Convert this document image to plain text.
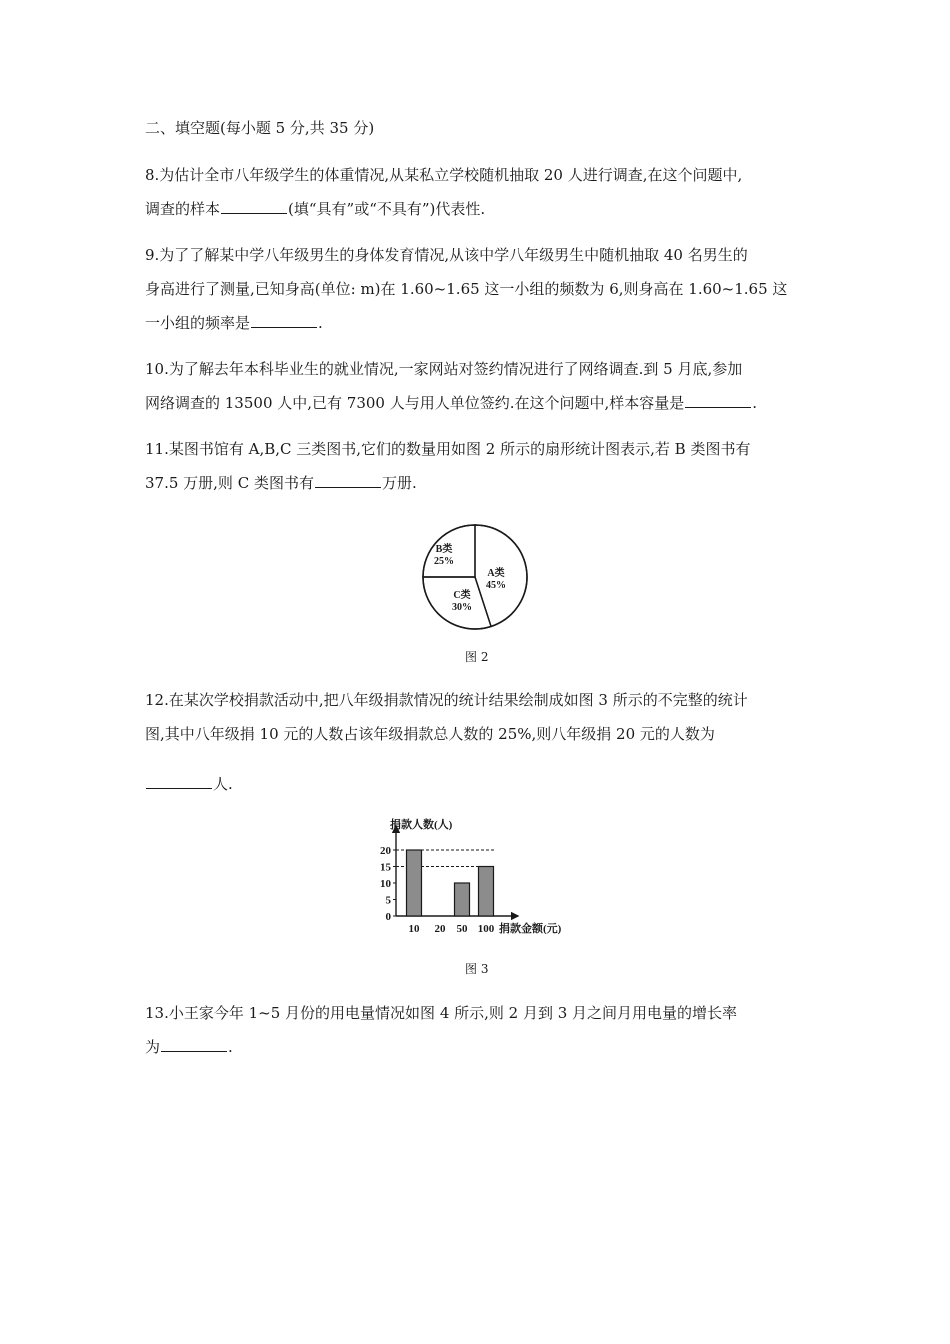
二、填空题(每小题 5 分,共 35 分)

8.为估计全市八年级学生的体重情况,从某私立学校随机抽取 20 人进行调查,在这个问题中,

调查的样本	(填“具有”或“不具有”)代表性.

9.为了了解某中学八年级男生的身体发育情况,从该中学八年级男生中随机抽取 40 名男生的

身高进行了测量,已知身高(单位: m)在 1.60~1.65 这一小组的频数为 6,则身高在 1.60~1.65 这

一小组的频率是	.

10.为了解去年本科毕业生的就业情况,一家网站对签约情况进行了网络调查.到 5 月底,参加

网络调查的 13500 人中,已有 7300 人与用人单位签约.在这个问题中,样本容量是	.

11.某图书馆有 A,B,C 三类图书,它们的数量用如图 2 所示的扇形统计图表示,若 B 类图书有

37.5 万册,则 C 类图书有	万册.

A类
45%
B类
25%
C类
30%
图 2

12.在某次学校捐款活动中,把八年级捐款情况的统计结果绘制成如图 3 所示的不完整的统计

图,其中八年级捐 10 元的人数占该年级捐款总人数的 25%,则八年级捐 20 元的人数为

人.

捐款人数(人)
0
5
10
15
20
10 20 50 100 捐款金额(元)
图 3

13.小王家今年 1~5 月份的用电量情况如图 4 所示,则 2 月到 3 月之间月用电量的增长率

为	.
